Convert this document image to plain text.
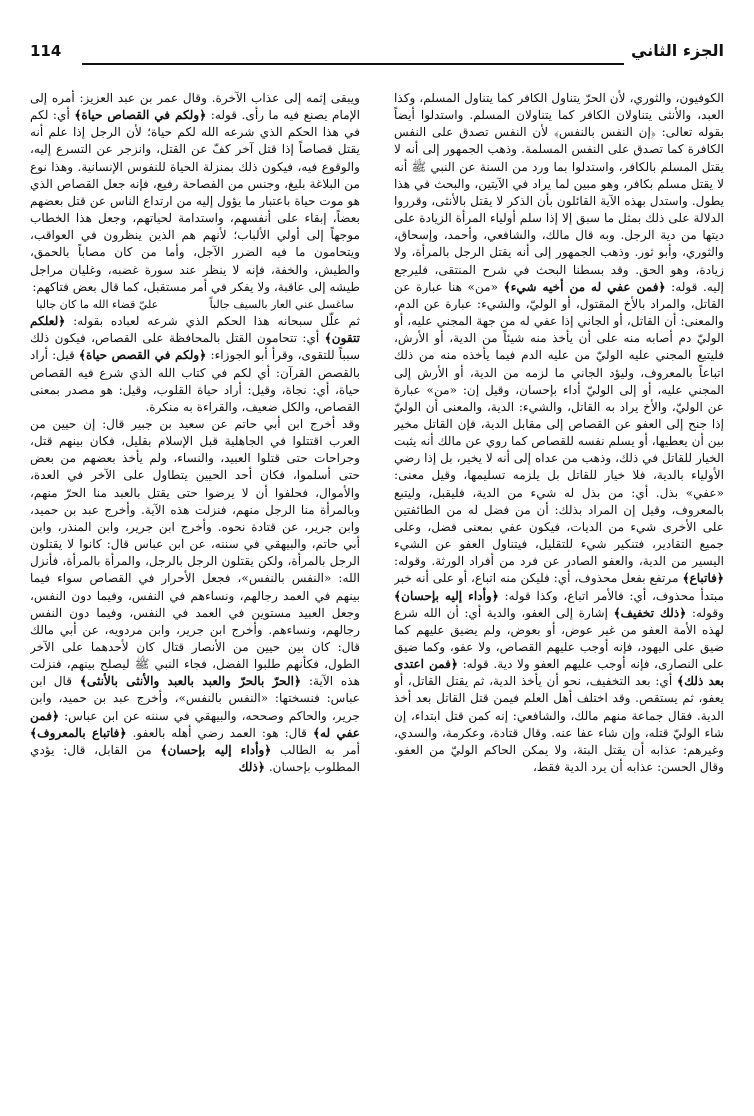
الجزء الثاني
114

الكوفيون، والثوري، لأن الحرّ يتناول الكافر كما يتناول المسلم، وكذا العبد، والأنثى يتناولان الكافر كما يتناولان المسلم. واستدلوا أيضاً بقوله تعالى: ﴿إن النفس بالنفس﴾ لأن النفس تصدق على النفس الكافرة كما تصدق على النفس المسلمة. وذهب الجمهور إلى أنه لا يقتل المسلم بالكافر، واستدلوا بما ورد من السنة عن النبي ﷺ أنه لا يقتل مسلم بكافر، وهو مبين لما يراد في الآيتين، والبحث في هذا يطول. واستدل بهذه الآية القائلون بأن الذكر لا يقتل بالأنثى، وقرروا الدلالة على ذلك بمثل ما سبق إلا إذا سلم أولياء المرأة الزيادة على ديتها من دية الرجل. وبه قال مالك، والشافعي، وأحمد، وإسحاق، والثوري، وأبو ثور. وذهب الجمهور إلى أنه يقتل الرجل بالمرأة، ولا زيادة، وهو الحق. وقد بسطنا البحث في شرح المنتقى، فليرجع إليه. قوله: ﴿فمن عفي له من أخيه شيء﴾ «من» هنا عبارة عن القاتل، والمراد بالأخ المقتول، أو الوليّ، والشيء: عبارة عن الدم، والمعنى: أن القاتل، أو الجاني إذا عفي له من جهة المجني عليه، أو الوليّ دم أصابه منه على أن يأخذ منه شيئاً من الدية، أو الأرش، فليتبع المجني عليه الوليّ من عليه الدم فيما يأخذه منه من ذلك اتباعاً بالمعروف، وليؤد الجاني ما لزمه من الدية، أو الأرش إلى المجني عليه، أو إلى الوليّ أداء بإحسان، وقيل إن: «من» عبارة عن الوليّ، والأخ يراد به القاتل، والشيء: الدية، والمعنى أن الوليّ إذا جنح إلى العفو عن القصاص إلى مقابل الدية، فإن القاتل مخير بين أن يعطيها، أو يسلم نفسه للقصاص كما روي عن مالك أنه يثبت الخيار للقاتل في ذلك، وذهب من عداه إلى أنه لا يخير، بل إذا رضي الأولياء بالدية، فلا خيار للقاتل بل يلزمه تسليمها، وقيل معنى: «عفي» بذل. أي: من بذل له شيء من الدية، فليقبل، وليتبع بالمعروف، وقيل إن المراد بذلك: أن من فضل له من الطائفتين على الأخرى شيء من الديات، فيكون عفي بمعنى فضل، وعلى جميع التقادير، فتنكير شيء للتقليل، فيتناول العفو عن الشيء اليسير من الدية، والعفو الصادر عن فرد من أفراد الورثة. وقوله: ﴿فاتباع﴾ مرتفع بفعل محذوف، أي: فليكن منه اتباع، أو على أنه خبر مبتدأ محذوف، أي: فالأمر اتباع، وكذا قوله: ﴿وأداء إليه بإحسان﴾ وقوله: ﴿ذلك تخفيف﴾ إشارة إلى العفو، والدية أي: أن الله شرع لهذه الأمة العفو من غير عوض، أو بعوض، ولم يضيق عليهم كما ضيق على اليهود، فإنه أوجب عليهم القصاص، ولا عفو، وكما ضيق على النصارى، فإنه أوجب عليهم العفو ولا دية. قوله: ﴿فمن اعتدى بعد ذلك﴾ أي: بعد التخفيف، نحو أن يأخذ الدية، ثم يقتل القاتل، أو يعفو، ثم يستقص. وقد اختلف أهل العلم فيمن قتل القاتل بعد أخذ الدية. فقال جماعة منهم مالك، والشافعي: إنه كمن قتل ابتداء، إن شاء الوليّ قتله، وإن شاء عفا عنه. وقال قتادة، وعكرمة، والسدي، وغيرهم: عذابه أن يقتل البتة، ولا يمكن الحاكم الوليّ من العفو. وقال الحسن: عذابه أن يرد الدية فقط،

ويبقى إثمه إلى عذاب الآخرة. وقال عمر بن عبد العزيز: أمره إلى الإمام يصنع فيه ما رأى. قوله: ﴿ولكم في القصاص حياة﴾ أي: لكم في هذا الحكم الذي شرعه الله لكم حياة؛ لأن الرجل إذا علم أنه يقتل قصاصاً إذا قتل آخر كفّ عن القتل، وانزجر عن التسرع إليه، والوقوع فيه، فيكون ذلك بمنزلة الحياة للنفوس الإنسانية. وهذا نوع من البلاغة بليغ، وجنس من الفصاحة رفيع، فإنه جعل القصاص الذي هو موت حياة باعتبار ما يؤول إليه من ارتداع الناس عن قتل بعضهم بعضاً، إبقاء على أنفسهم، واستدامة لحياتهم، وجعل هذا الخطاب موجهاً إلى أولي الألباب؛ لأنهم هم الذين ينظرون في العواقب، ويتحامون ما فيه الضرر الآجل، وأما من كان مصاباً بالحمق، والطيش، والخفة، فإنه لا ينظر عند سورة غضبه، وغليان مراجل طيشه إلى عاقبة، ولا يفكر في أمر مستقبل، كما قال بعض فتاكهم:

ساغسل عني العار بالسيف جالباً
عليّ قضاء الله ما كان جالبا

ثم علّل سبحانه هذا الحكم الذي شرعه لعباده بقوله: ﴿لعلكم تتقون﴾ أي: تتحامون القتل بالمحافظة على القصاص، فيكون ذلك سبباً للتقوى، وقرأ أبو الجوزاء: ﴿ولكم في القصص حياة﴾ قيل: أراد بالقصص القرآن: أي لكم في كتاب الله الذي شرع فيه القصاص حياة، أي: نجاة، وقيل: أراد حياة القلوب، وقيل: هو مصدر بمعنى القصاص، والكل ضعيف، والقراءة به منكرة.

وقد أخرج ابن أبي حاتم عن سعيد بن جبير قال: إن حيين من العرب اقتتلوا في الجاهلية قبل الإسلام بقليل، فكان بينهم قتل، وجراحات حتى قتلوا العبيد، والنساء، ولم يأخذ بعضهم من بعض حتى أسلموا، فكان أحد الحيين يتطاول على الآخر في العدة، والأموال، فحلفوا أن لا يرضوا حتى يقتل بالعبد منا الحرّ منهم، وبالمرأة منا الرجل منهم، فنزلت هذه الآية. وأخرج عبد بن حميد، وابن جرير، عن قتادة نحوه. وأخرج ابن جرير، وابن المنذر، وابن أبي حاتم، والبيهقي في سننه، عن ابن عباس قال: كانوا لا يقتلون الرجل بالمرأة، ولكن يقتلون الرجل بالرجل، والمرأة بالمرأة، فأنزل الله: «النفس بالنفس»، فجعل الأحرار في القصاص سواء فيما بينهم في العمد رجالهم، ونساءهم في النفس، وفيما دون النفس، وجعل العبيد مستوين في العمد في النفس، وفيما دون النفس رجالهم، ونساءهم. وأخرج ابن جرير، وابن مردويه، عن أبي مالك قال: كان بين حيين من الأنصار قتال كان لأحدهما على الآخر الطول، فكأنهم طلبوا الفضل، فجاء النبي ﷺ ليصلح بينهم، فنزلت هذه الآية: ﴿الحرّ بالحرّ والعبد بالعبد والأنثى بالأنثى﴾ قال ابن عباس: فنسختها: «النفس بالنفس»، وأخرج عبد بن حميد، وابن جرير، والحاكم وصححه، والبيهقي في سننه عن ابن عباس: ﴿فمن عفي له﴾ قال: هو: العمد رضي أهله بالعفو. ﴿فاتباع بالمعروف﴾ أمر به الطالب ﴿وأداء إليه بإحسان﴾ من القابل، قال: يؤدي المطلوب بإحسان. ﴿ذلك
